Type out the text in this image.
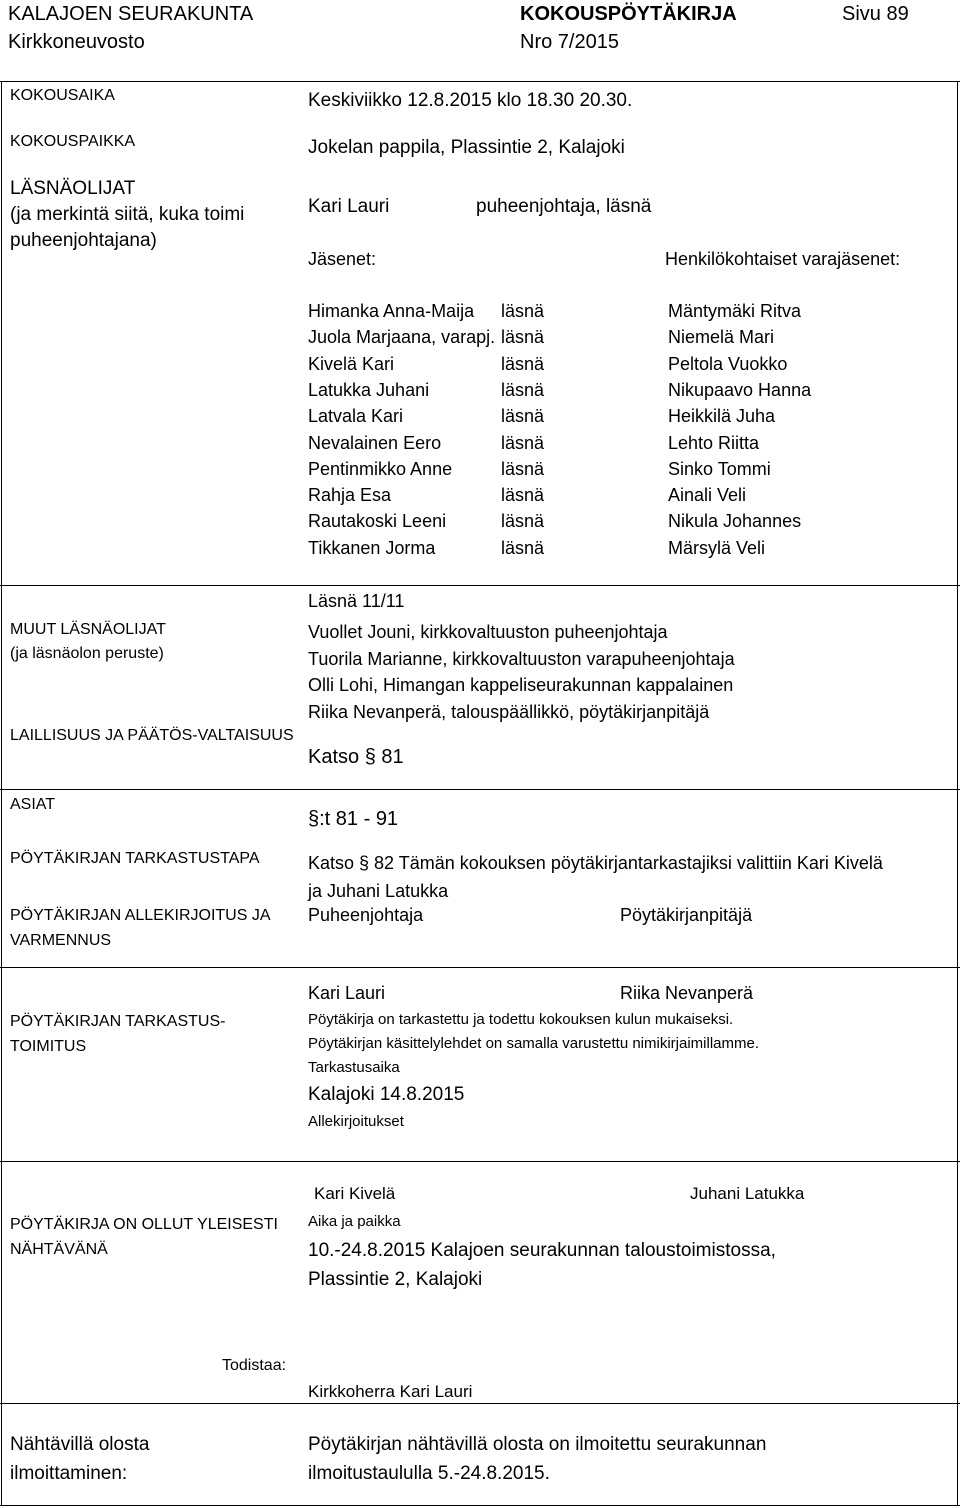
KALAJOEN SEURAKUNTA
Kirkkoneuvosto
KOKOUSPÖYTÄKIRJA
Nro 7/2015
Sivu 89
KOKOUSAIKA	Keskiviikko 12.8.2015 klo 18.30 20.30.
KOKOUSPAIKKA	Jokelan pappila, Plassintie 2, Kalajoki
LÄSNÄOLIJAT
(ja merkintä siitä, kuka toimi
puheenjohtajana)
Kari Lauri	puheenjohtaja, läsnä
Jäsenet:	Henkilökohtaiset varajäsenet:
Himanka Anna-Maija läsnä	Mäntymäki Ritva
Juola Marjaana, varapj. läsnä	Niemelä Mari
Kivelä Kari	läsnä	Peltola Vuokko
Latukka Juhani	läsnä	Nikupaavo Hanna
Latvala Kari	läsnä	Heikkilä Juha
Nevalainen Eero	läsnä	Lehto Riitta
Pentinmikko Anne	läsnä	Sinko Tommi
Rahja Esa	läsnä	Ainali Veli
Rautakoski Leeni	läsnä	Nikula Johannes
Tikkanen Jorma	läsnä	Märsylä Veli
Läsnä 11/11
MUUT LÄSNÄOLIJAT
(ja läsnäolon peruste)
Vuollet Jouni, kirkkovaltuuston puheenjohtaja
Tuorila Marianne, kirkkovaltuuston varapuheenjohtaja
Olli Lohi, Himangan kappeliseurakunnan kappalainen
Riika Nevanperä, talouspäällikkö, pöytäkirjanpitäjä
LAILLISUUS JA PÄÄTÖS-VALTAISUUS
Katso § 81
ASIAT
§:t 81 - 91
PÖYTÄKIRJAN TARKASTUSTAPA	Katso § 82 Tämän kokouksen pöytäkirjantarkastajiksi valittiin Kari Kivelä
ja Juhani Latukka
PÖYTÄKIRJAN ALLEKIRJOITUS JA
VARMENNUS
Puheenjohtaja	Pöytäkirjanpitäjä
Kari Lauri	Riika Nevanperä
PÖYTÄKIRJAN TARKASTUS-
TOIMITUS
Pöytäkirja on tarkastettu ja todettu kokouksen kulun mukaiseksi.
Pöytäkirjan käsittelylehdet on samalla varustettu nimikirjaimillamme.
Tarkastusaika
Kalajoki 14.8.2015
Allekirjoitukset
Kari Kivelä	Juhani Latukka
PÖYTÄKIRJA ON OLLUT YLEISESTI
NÄHTÄVÄNÄ
Aika ja paikka
10.-24.8.2015 Kalajoen seurakunnan taloustoimistossa,
Plassintie 2, Kalajoki
Todistaa:
Kirkkoherra Kari Lauri
Nähtävillä olosta
ilmoittaminen:
Pöytäkirjan nähtävillä olosta on ilmoitettu seurakunnan
ilmoitustaululla 5.-24.8.2015.
